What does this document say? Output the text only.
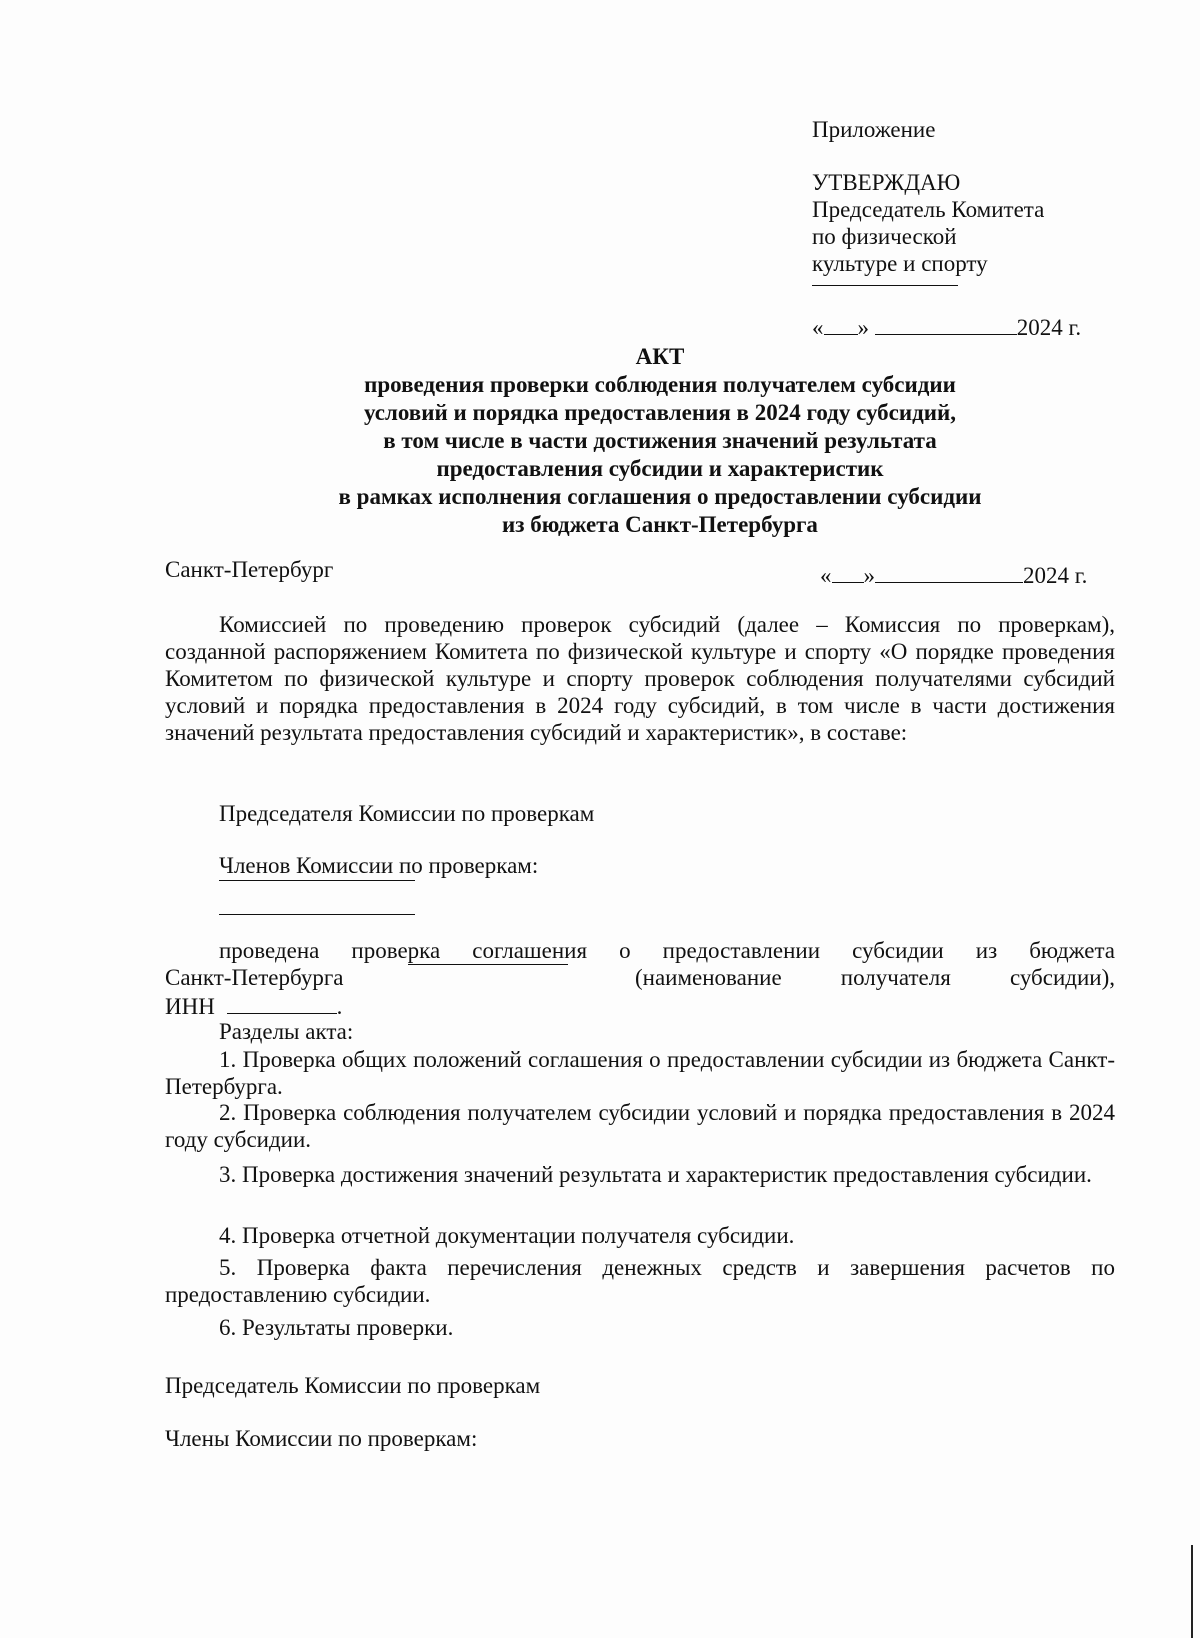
Приложение
УТВЕРЖДАЮ
Председатель Комитета
по физической
культуре и спорту
« »	2024 г.
АКТ
проведения проверки соблюдения получателем субсидии
условий и порядка предоставления в 2024 году субсидий,
в том числе в части достижения значений результата
предоставления субсидии и характеристик
в рамках исполнения соглашения о предоставлении субсидии
из бюджета Санкт-Петербурга
Санкт-Петербург	« »	2024 г.
Комиссией по проведению проверок субсидий (далее – Комиссия по проверкам), созданной распоряжением Комитета по физической культуре и спорту «О порядке проведения Комитетом по физической культуре и спорту проверок соблюдения получателями субсидий условий и порядка предоставления в 2024 году субсидий, в том числе в части достижения значений результата предоставления субсидий и характеристик», в составе:
Председателя Комиссии по проверкам
Членов Комиссии по проверкам:
проведена проверка соглашения о предоставлении субсидии из бюджета
Санкт-Петербурга	(наименование получателя субсидии),
ИНН	.
Разделы акта:
1. Проверка общих положений соглашения о предоставлении субсидии из бюджета Санкт-Петербурга.
2. Проверка соблюдения получателем субсидии условий и порядка предоставления в 2024 году субсидии.
3. Проверка достижения значений результата и характеристик предоставления субсидии.
4. Проверка отчетной документации получателя субсидии.
5. Проверка факта перечисления денежных средств и завершения расчетов по предоставлению субсидии.
6. Результаты проверки.
Председатель Комиссии по проверкам
Члены Комиссии по проверкам:
